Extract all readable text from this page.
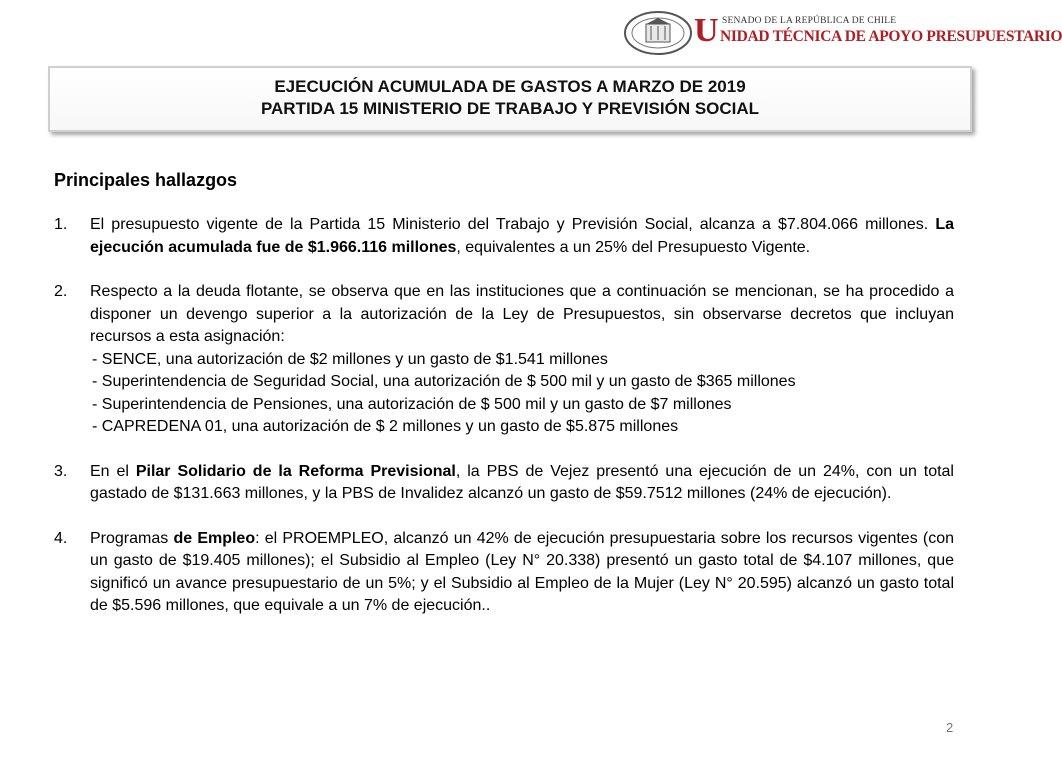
U SENADO DE LA REPÚBLICA DE CHILE
NIDAD TÉCNICA DE APOYO PRESUPUESTARIO
EJECUCIÓN ACUMULADA DE GASTOS A MARZO DE 2019
PARTIDA 15 MINISTERIO DE TRABAJO Y PREVISIÓN SOCIAL
Principales hallazgos
1. El presupuesto vigente de la Partida 15 Ministerio del Trabajo y Previsión Social, alcanza a $7.804.066 millones. La ejecución acumulada fue de $1.966.116 millones, equivalentes a un 25% del Presupuesto Vigente.
2. Respecto a la deuda flotante, se observa que en las instituciones que a continuación se mencionan, se ha procedido a disponer un devengo superior a la autorización de la Ley de Presupuestos, sin observarse decretos que incluyan recursos a esta asignación:
- SENCE, una autorización de $2 millones y un gasto de $1.541 millones
- Superintendencia de Seguridad Social, una autorización de $ 500 mil y un gasto de $365 millones
- Superintendencia de Pensiones, una autorización de $ 500 mil y un gasto de $7 millones
- CAPREDENA 01, una autorización de $ 2 millones y un gasto de $5.875 millones
3. En el Pilar Solidario de la Reforma Previsional, la PBS de Vejez presentó una ejecución de un 24%, con un total gastado de $131.663 millones, y la PBS de Invalidez alcanzó un gasto de $59.7512 millones (24% de ejecución).
4. Programas de Empleo: el PROEMPLEO, alcanzó un 42% de ejecución presupuestaria sobre los recursos vigentes (con un gasto de $19.405 millones); el Subsidio al Empleo (Ley N° 20.338) presentó un gasto total de $4.107 millones, que significó un avance presupuestario de un 5%; y el Subsidio al Empleo de la Mujer (Ley N° 20.595) alcanzó un gasto total de $5.596 millones, que equivale a un 7% de ejecución..
2
